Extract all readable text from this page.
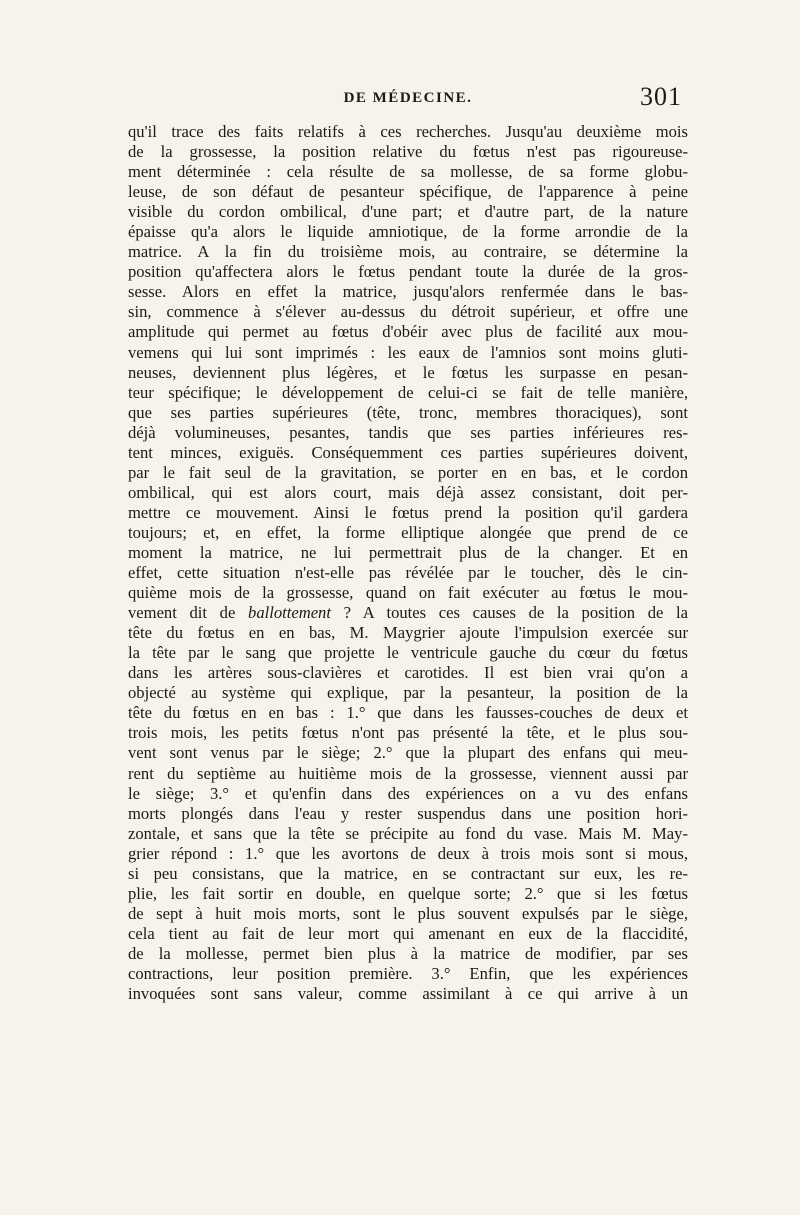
DE MÉDECINE.	301
qu'il trace des faits relatifs à ces recherches. Jusqu'au deuxième mois
de la grossesse, la position relative du fœtus n'est pas rigoureuse-
ment déterminée : cela résulte de sa mollesse, de sa forme globu-
leuse, de son défaut de pesanteur spécifique, de l'apparence à peine
visible du cordon ombilical, d'une part; et d'autre part, de la nature
épaisse qu'a alors le liquide amniotique, de la forme arrondie de la
matrice. A la fin du troisième mois, au contraire, se détermine la
position qu'affectera alors le fœtus pendant toute la durée de la gros-
sesse. Alors en effet la matrice, jusqu'alors renfermée dans le bas-
sin, commence à s'élever au-dessus du détroit supérieur, et offre une
amplitude qui permet au fœtus d'obéir avec plus de facilité aux mou-
vemens qui lui sont imprimés : les eaux de l'amnios sont moins gluti-
neuses, deviennent plus légères, et le fœtus les surpasse en pesan-
teur spécifique; le développement de celui-ci se fait de telle manière,
que ses parties supérieures (tête, tronc, membres thoraciques), sont
déjà volumineuses, pesantes, tandis que ses parties inférieures res-
tent minces, exiguës. Conséquemment ces parties supérieures doivent,
par le fait seul de la gravitation, se porter en en bas, et le cordon
ombilical, qui est alors court, mais déjà assez consistant, doit per-
mettre ce mouvement. Ainsi le fœtus prend la position qu'il gardera
toujours; et, en effet, la forme elliptique alongée que prend de ce
moment la matrice, ne lui permettrait plus de la changer. Et en
effet, cette situation n'est-elle pas révélée par le toucher, dès le cin-
quième mois de la grossesse, quand on fait exécuter au fœtus le mou-
vement dit de ballottement ? A toutes ces causes de la position de la
tête du fœtus en en bas, M. Maygrier ajoute l'impulsion exercée sur
la tête par le sang que projette le ventricule gauche du cœur du fœtus
dans les artères sous-clavières et carotides. Il est bien vrai qu'on a
objecté au système qui explique, par la pesanteur, la position de la
tête du fœtus en en bas : 1.° que dans les fausses-couches de deux et
trois mois, les petits fœtus n'ont pas présenté la tête, et le plus sou-
vent sont venus par le siège; 2.° que la plupart des enfans qui meu-
rent du septième au huitième mois de la grossesse, viennent aussi par
le siège; 3.° et qu'enfin dans des expériences on a vu des enfans
morts plongés dans l'eau y rester suspendus dans une position hori-
zontale, et sans que la tête se précipite au fond du vase. Mais M. May-
grier répond : 1.° que les avortons de deux à trois mois sont si mous,
si peu consistans, que la matrice, en se contractant sur eux, les re-
plie, les fait sortir en double, en quelque sorte; 2.° que si les fœtus
de sept à huit mois morts, sont le plus souvent expulsés par le siège,
cela tient au fait de leur mort qui amenant en eux de la flaccidité,
de la mollesse, permet bien plus à la matrice de modifier, par ses
contractions, leur position première. 3.° Enfin, que les expériences
invoquées sont sans valeur, comme assimilant à ce qui arrive à un
